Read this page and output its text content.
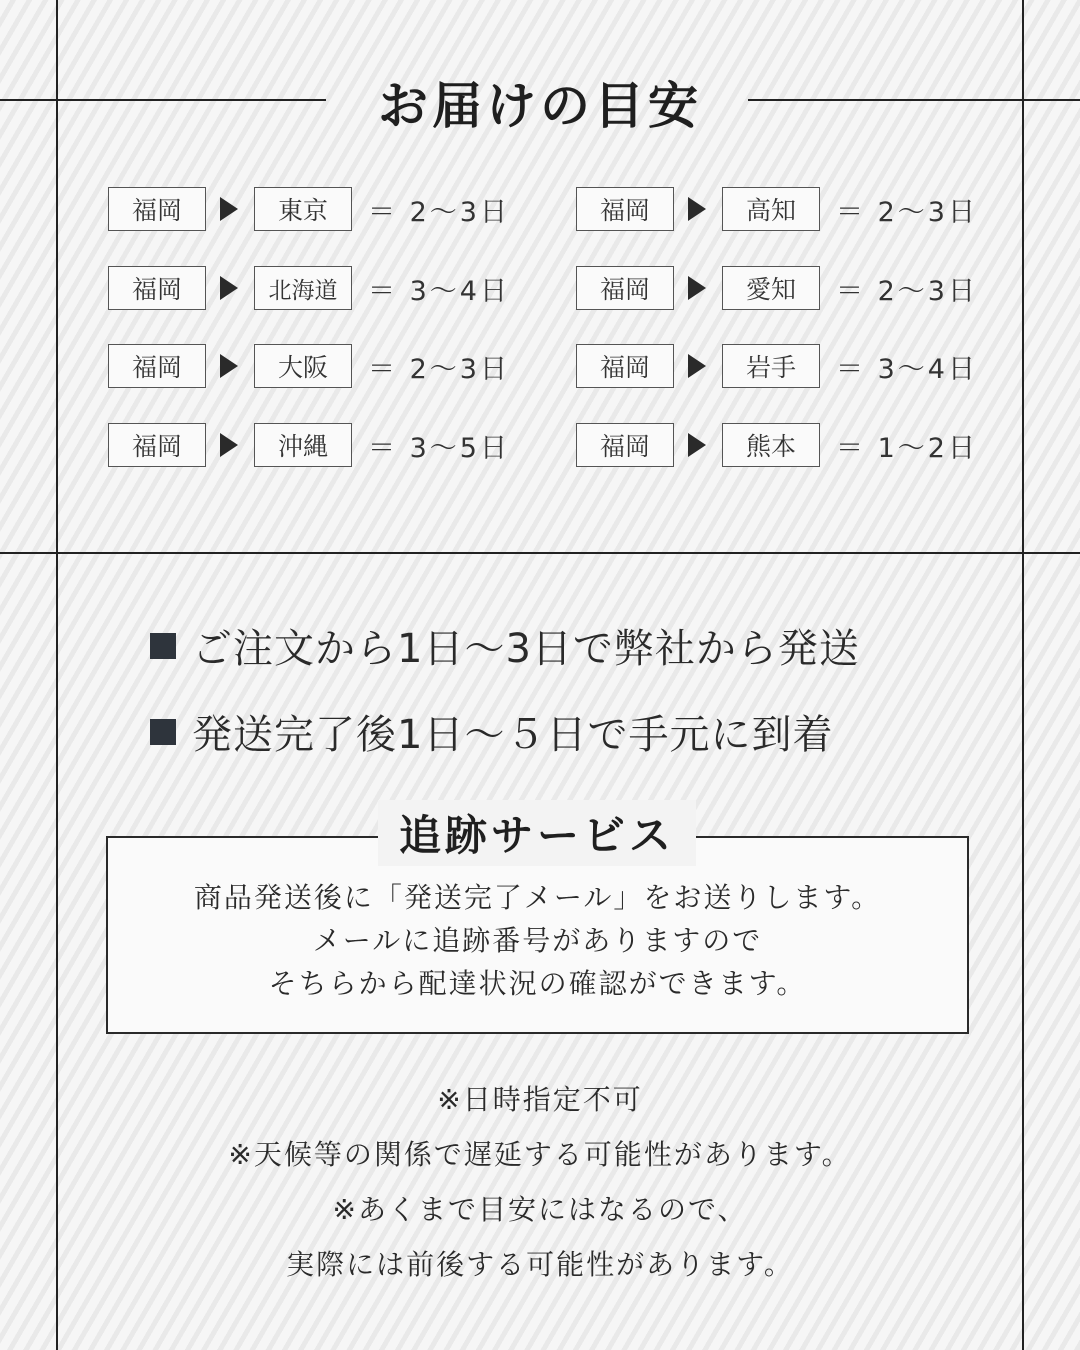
お届けの目安
福岡	東京	＝ 2〜3日	福岡	高知	＝ 2〜3日
福岡	北海道	＝ 3〜4日	福岡	愛知	＝ 2〜3日
福岡	大阪	＝ 2〜3日	福岡	岩手	＝ 3〜4日
福岡	沖縄	＝ 3〜5日	福岡	熊本	＝ 1〜2日
ご注文から1日〜3日で弊社から発送
発送完了後1日〜５日で手元に到着
追跡サービス
商品発送後に「発送完了メール」をお送りします。
メールに追跡番号がありますので
そちらから配達状況の確認ができます。
※日時指定不可
※天候等の関係で遅延する可能性があります。
※あくまで目安にはなるので、
実際には前後する可能性があります。
